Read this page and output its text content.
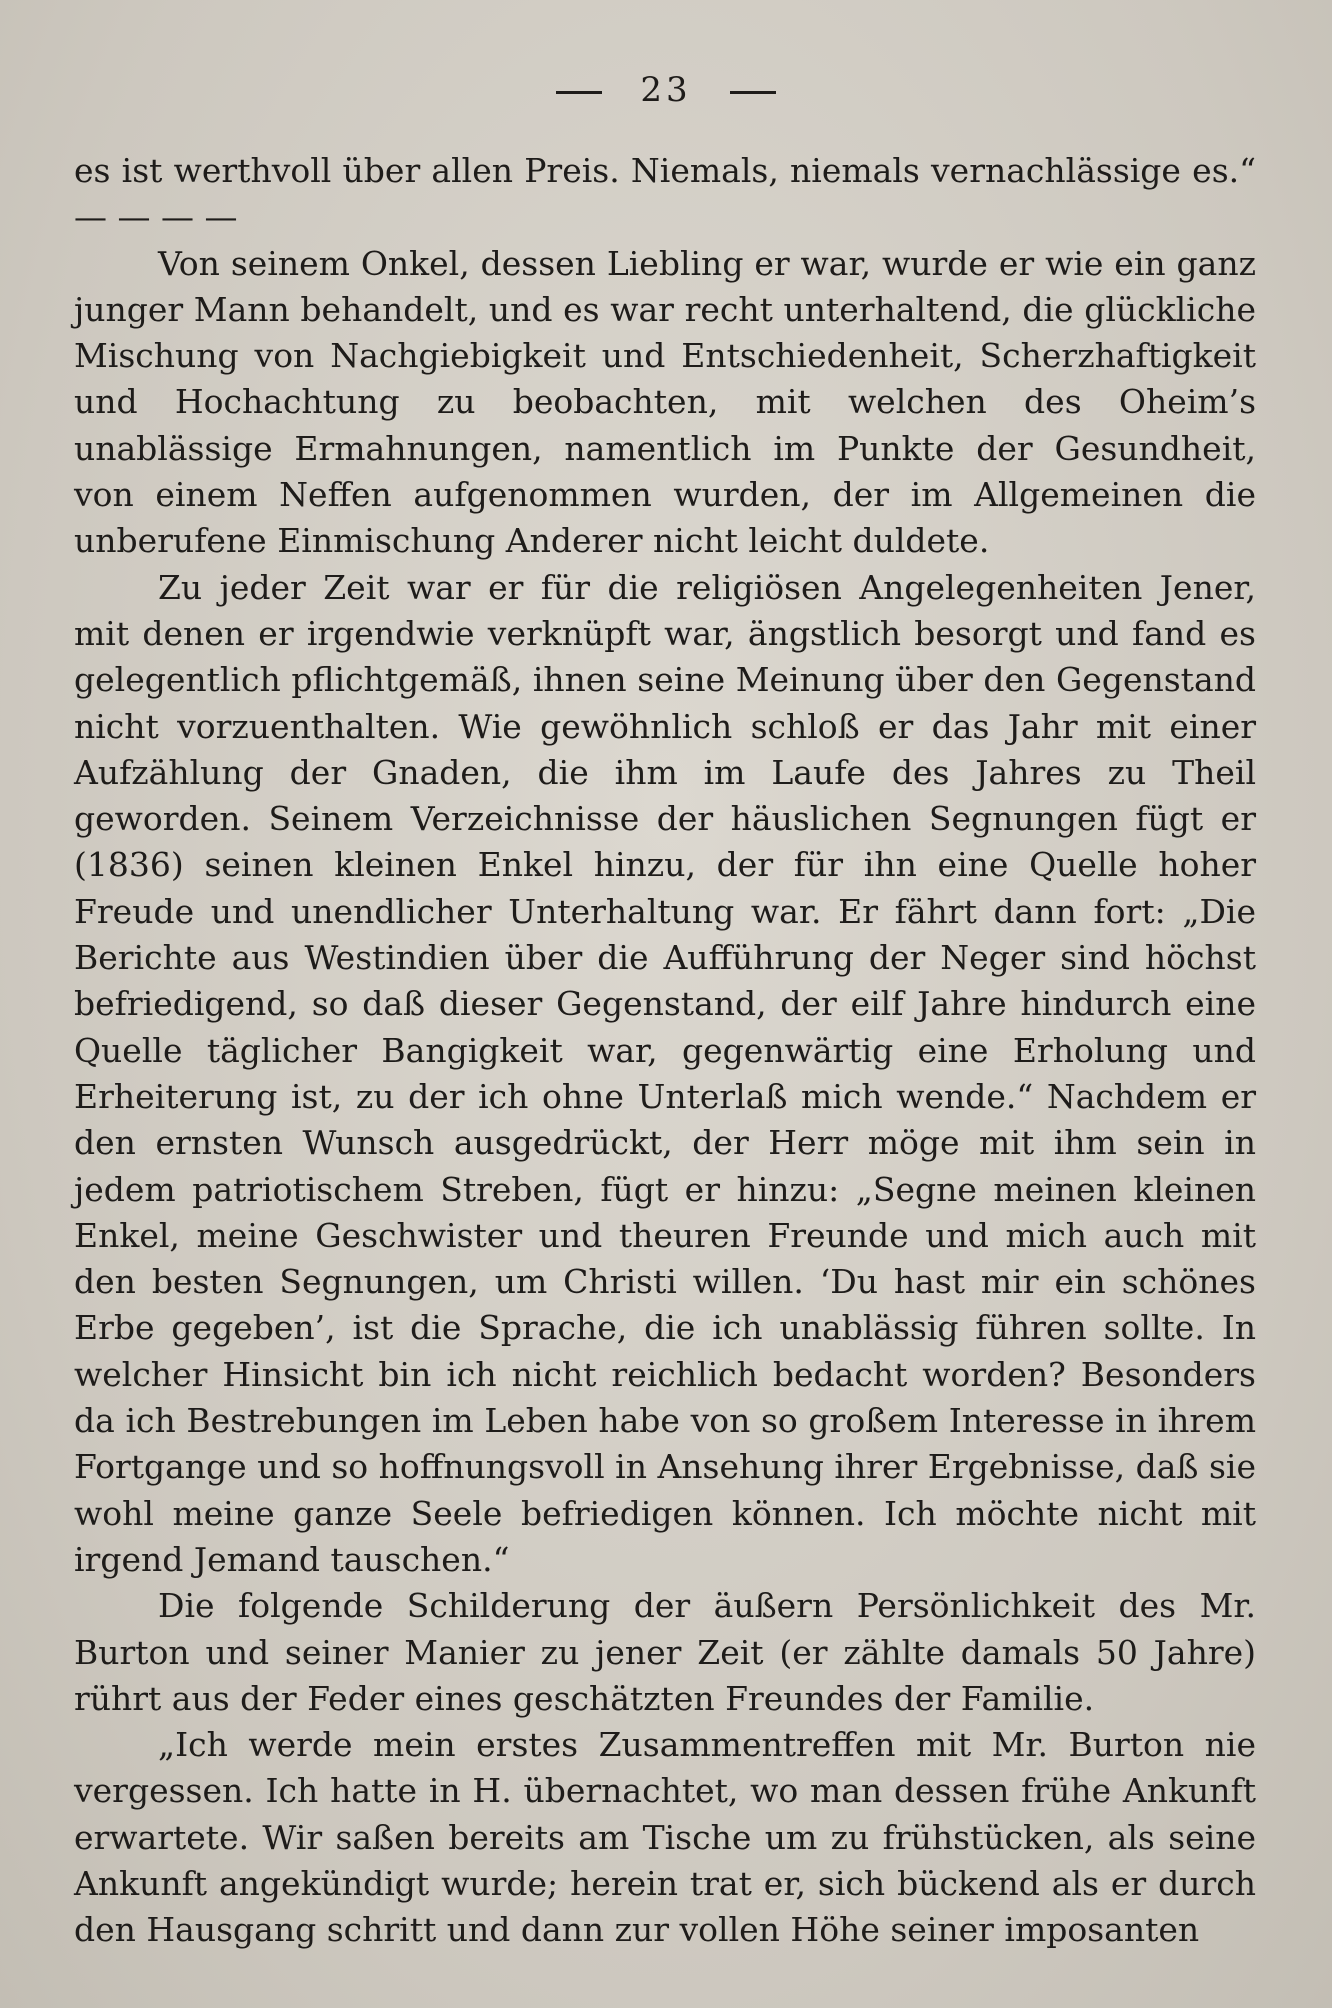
23

es ist werthvoll über allen Preis. Niemals, niemals vernachlässige es.“ — — — —

Von seinem Onkel, dessen Liebling er war, wurde er wie ein ganz junger Mann behandelt, und es war recht unterhaltend, die glückliche Mischung von Nachgiebigkeit und Entschiedenheit, Scherzhaftigkeit und Hochachtung zu beobachten, mit welchen des Oheim’s unablässige Ermahnungen, namentlich im Punkte der Gesundheit, von einem Neffen aufgenommen wurden, der im Allgemeinen die unberufene Einmischung Anderer nicht leicht duldete.

Zu jeder Zeit war er für die religiösen Angelegenheiten Jener, mit denen er irgendwie verknüpft war, ängstlich besorgt und fand es gelegentlich pflichtgemäß, ihnen seine Meinung über den Gegenstand nicht vorzuenthalten. Wie gewöhnlich schloß er das Jahr mit einer Aufzählung der Gnaden, die ihm im Laufe des Jahres zu Theil geworden. Seinem Verzeichnisse der häuslichen Segnungen fügt er (1836) seinen kleinen Enkel hinzu, der für ihn eine Quelle hoher Freude und unendlicher Unterhaltung war. Er fährt dann fort: „Die Berichte aus Westindien über die Aufführung der Neger sind höchst befriedigend, so daß dieser Gegenstand, der eilf Jahre hindurch eine Quelle täglicher Bangigkeit war, gegenwärtig eine Erholung und Erheiterung ist, zu der ich ohne Unterlaß mich wende.“ Nachdem er den ernsten Wunsch ausgedrückt, der Herr möge mit ihm sein in jedem patriotischem Streben, fügt er hinzu: „Segne meinen kleinen Enkel, meine Geschwister und theuren Freunde und mich auch mit den besten Segnungen, um Christi willen. ‘Du hast mir ein schönes Erbe gegeben’, ist die Sprache, die ich unablässig führen sollte. In welcher Hinsicht bin ich nicht reichlich bedacht worden? Besonders da ich Bestrebungen im Leben habe von so großem Interesse in ihrem Fortgange und so hoffnungsvoll in Ansehung ihrer Ergebnisse, daß sie wohl meine ganze Seele befriedigen können. Ich möchte nicht mit irgend Jemand tauschen.“

Die folgende Schilderung der äußern Persönlichkeit des Mr. Burton und seiner Manier zu jener Zeit (er zählte damals 50 Jahre) rührt aus der Feder eines geschätzten Freundes der Familie.

„Ich werde mein erstes Zusammentreffen mit Mr. Burton nie vergessen. Ich hatte in H. übernachtet, wo man dessen frühe Ankunft erwartete. Wir saßen bereits am Tische um zu frühstücken, als seine Ankunft angekündigt wurde; herein trat er, sich bückend als er durch den Hausgang schritt und dann zur vollen Höhe seiner imposanten
